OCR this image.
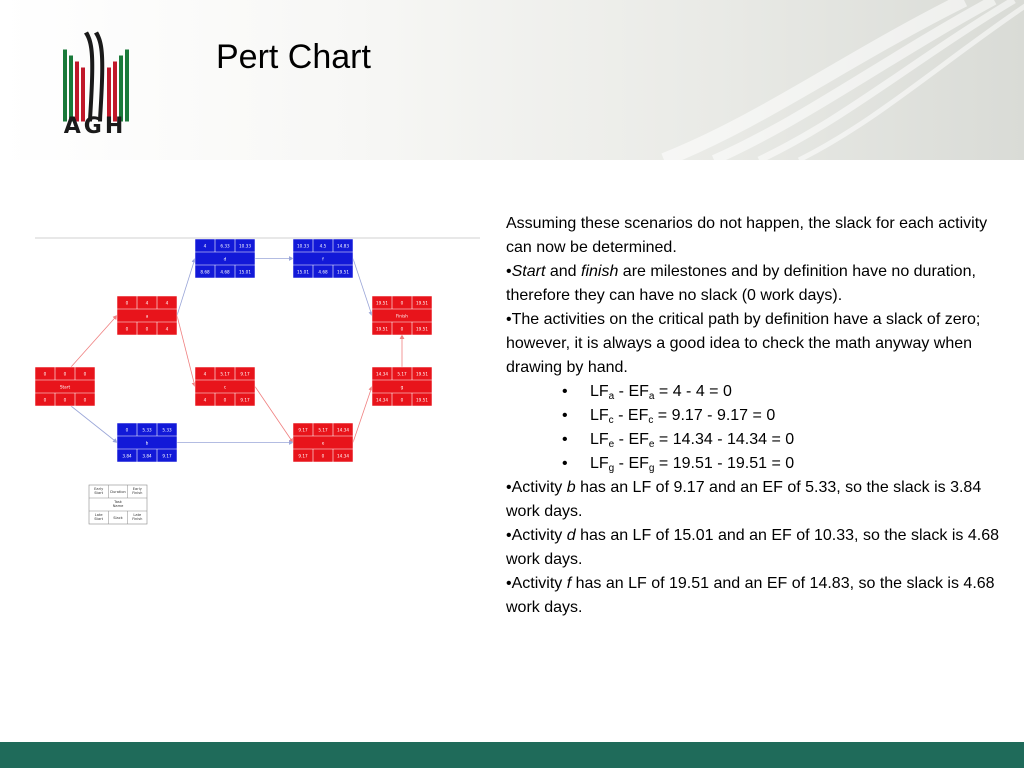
AGH
Pert Chart
0	4	4
a
0	0	4
4	6.33 10.33
d
8.68	4.68 15.01
10.33	4.5	14.83
f
15.01 4.68 19.51
19.51	0	19.51
Finish
19.51	0	19.51
0	0	0
Start
0	0	0
4	5.17	9.17
c
4	0	9.17
14.34 5.17 19.51
g
14.34	0	19.51
0	5.33	5.33
b
3.84	3.84	9.17
9.17	5.17 14.34
e
9.17	0	14.34
Early Start Duration
Early Finish
Task Name
Late Start	Slack
Late Finish

Assuming these scenarios do not happen, the slack for each activity can now be determined.

•Start and finish are milestones and by definition have no duration, therefore they can have no slack (0 work days).

•The activities on the critical path by definition have a slack of zero; however, it is always a good idea to check the math anyway when drawing by hand.

• $LF_a - EF_a = 4 - 4 = 0$
• $LF_c - EF_c = 9.17 - 9.17 = 0$
• $LF_e - EF_e = 14.34 - 14.34 = 0$
• $LF_g - EF_g = 19.51 - 19.51 = 0$

•Activity b has an LF of 9.17 and an EF of 5.33, so the slack is 3.84 work days.

•Activity d has an LF of 15.01 and an EF of 10.33, so the slack is 4.68 work days.

•Activity f has an LF of 19.51 and an EF of 14.83, so the slack is 4.68 work days.
